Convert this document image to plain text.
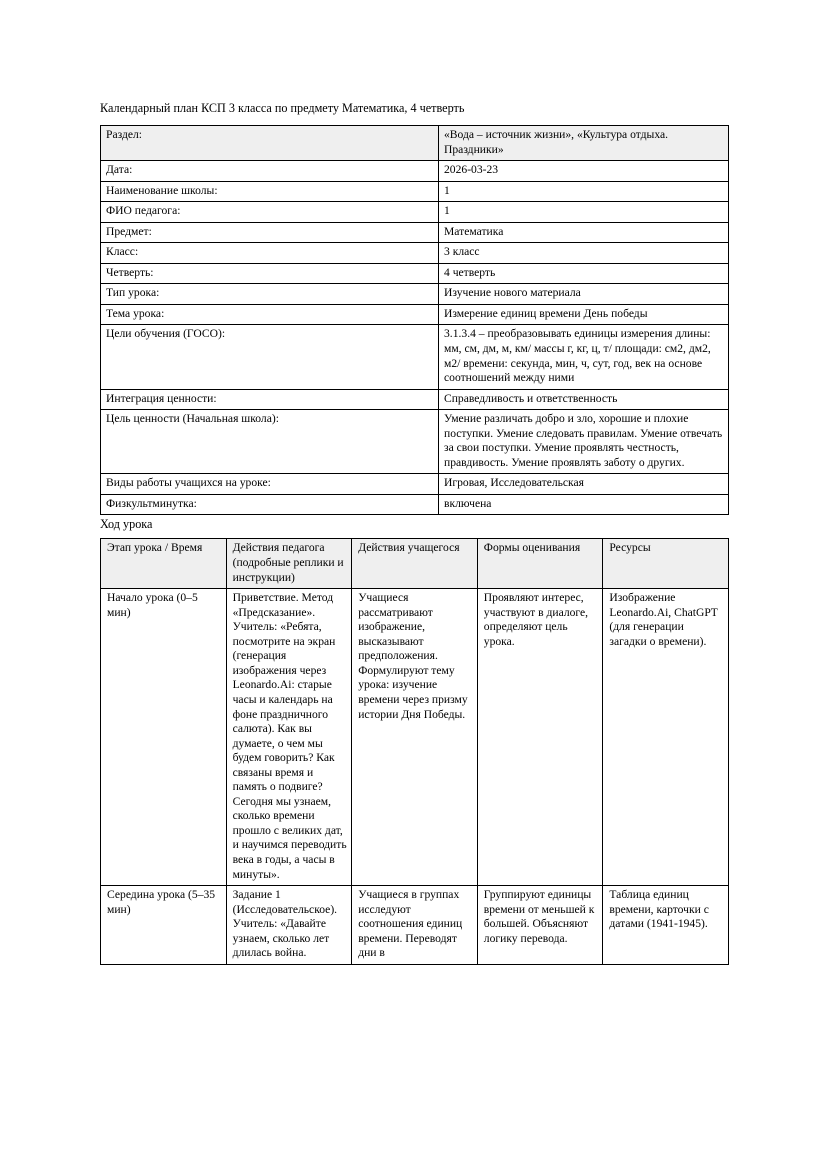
Календарный план КСП 3 класса по предмету Математика, 4 четверть

Раздел:	«Вода – источник жизни», «Культура отдыха. Праздники»
Дата:	2026-03-23
Наименование школы:	1
ФИО педагога:	1
Предмет:	Математика
Класс:	3 класс
Четверть:	4 четверть
Тип урока:	Изучение нового материала
Тема урока:	Измерение единиц времени День победы
Цели обучения (ГОСО):	3.1.3.4 – преобразовывать единицы измерения длины: мм, см, дм, м, км/ массы г, кг, ц, т/ площади: см2, дм2, м2/ времени: секунда, мин, ч, сут, год, век на основе соотношений между ними
Интеграция ценности:	Справедливость и ответственность
Цель ценности (Начальная школа):	Умение различать добро и зло, хорошие и плохие поступки. Умение следовать правилам. Умение отвечать за свои поступки. Умение проявлять честность, правдивость. Умение проявлять заботу о других.
Виды работы учащихся на уроке:	Игровая, Исследовательская
Физкультминутка:	включена

Ход урока

Этап урока / Время	Действия педагога (подробные реплики и инструкции)	Действия учащегося	Формы оценивания	Ресурсы
Начало урока (0–5 мин)	Приветствие. Метод «Предсказание». Учитель: «Ребята, посмотрите на экран (генерация изображения через Leonardo.Ai: старые часы и календарь на фоне праздничного салюта). Как вы думаете, о чем мы будем говорить? Как связаны время и память о подвиге? Сегодня мы узнаем, сколько времени прошло с великих дат, и научимся переводить века в годы, а часы в минуты».	Учащиеся рассматривают изображение, высказывают предположения. Формулируют тему урока: изучение времени через призму истории Дня Победы.	Проявляют интерес, участвуют в диалоге, определяют цель урока.	Изображение Leonardo.Ai, ChatGPT (для генерации загадки о времени).
Середина урока (5–35 мин)	Задание 1 (Исследовательское). Учитель: «Давайте узнаем, сколько лет длилась война.	Учащиеся в группах исследуют соотношения единиц времени. Переводят дни в	Группируют единицы времени от меньшей к большей. Объясняют логику перевода.	Таблица единиц времени, карточки с датами (1941-1945).
